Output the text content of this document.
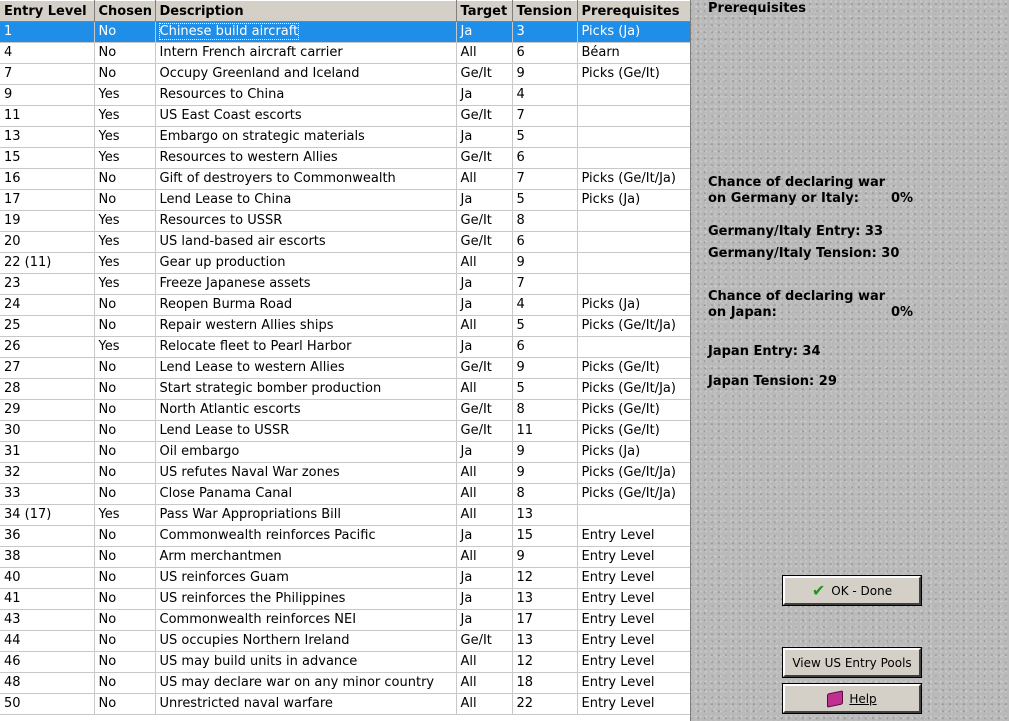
Entry Level	Chosen	Description	Target	Tension	Prerequisites
1	No	Chinese build aircraft	Ja	3	Picks (Ja)
4	No	Intern French aircraft carrier	All	6	Béarn
7	No	Occupy Greenland and Iceland	Ge/It	9	Picks (Ge/It)
9	Yes	Resources to China	Ja	4	
11	Yes	US East Coast escorts	Ge/It	7	
13	Yes	Embargo on strategic materials	Ja	5	
15	Yes	Resources to western Allies	Ge/It	6	
16	No	Gift of destroyers to Commonwealth	All	7	Picks (Ge/It/Ja)
17	No	Lend Lease to China	Ja	5	Picks (Ja)
19	Yes	Resources to USSR	Ge/It	8	
20	Yes	US land-based air escorts	Ge/It	6	
22 (11)	Yes	Gear up production	All	9	
23	Yes	Freeze Japanese assets	Ja	7	
24	No	Reopen Burma Road	Ja	4	Picks (Ja)
25	No	Repair western Allies ships	All	5	Picks (Ge/It/Ja)
26	Yes	Relocate fleet to Pearl Harbor	Ja	6	
27	No	Lend Lease to western Allies	Ge/It	9	Picks (Ge/It)
28	No	Start strategic bomber production	All	5	Picks (Ge/It/Ja)
29	No	North Atlantic escorts	Ge/It	8	Picks (Ge/It)
30	No	Lend Lease to USSR	Ge/It	11	Picks (Ge/It)
31	No	Oil embargo	Ja	9	Picks (Ja)
32	No	US refutes Naval War zones	All	9	Picks (Ge/It/Ja)
33	No	Close Panama Canal	All	8	Picks (Ge/It/Ja)
34 (17)	Yes	Pass War Appropriations Bill	All	13	
36	No	Commonwealth reinforces Pacific	Ja	15	Entry Level
38	No	Arm merchantmen	All	9	Entry Level
40	No	US reinforces Guam	Ja	12	Entry Level
41	No	US reinforces the Philippines	Ja	13	Entry Level
43	No	Commonwealth reinforces NEI	Ja	17	Entry Level
44	No	US occupies Northern Ireland	Ge/It	13	Entry Level
46	No	US may build units in advance	All	12	Entry Level
48	No	US may declare war on any minor country	All	18	Entry Level
50	No	Unrestricted naval warfare	All	22	Entry Level
Prerequisites
Chance of declaring war
on Germany or Italy: 0%
Germany/Italy Entry: 33
Germany/Italy Tension: 30
Chance of declaring war
on Japan:	0%
Japan Entry: 34
Japan Tension: 29
✔ OK - Done
View US Entry Pools
Help
